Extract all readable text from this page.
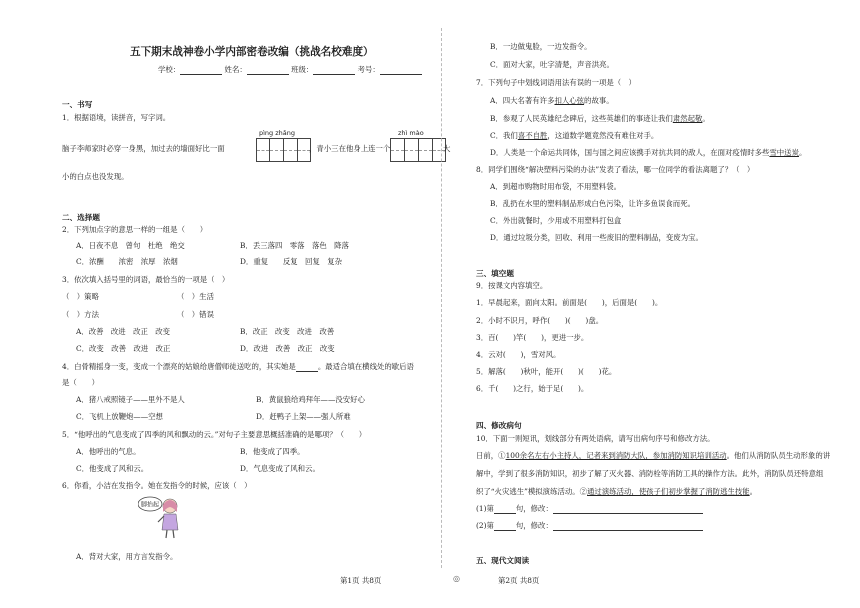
五下期末战神卷小学内部密卷改编（挑战名校难度）
学校：	姓名：	班级：	考号：
一、书写
1．根据语境，读拼音，写字词。
pìng zhǎng	zhì mào
脑子李师家时必穿一身黑，加过去的墙面好比一面	，青小三在他身上连一个	大
小的白点也没发现。
二、选择题
2．下列加点字的意思一样的一组是（　　）
A．日夜不息　曾句　杜绝　绝交	B．丢三落四　零落　落色　降落
C．浓酬　　浓密　浓厚　浓烟	D．重复　　反复　回复　复杂
3．依次填入括号里的词语，最恰当的一项是（　）
（　）策略	（　）生活
（　）方法	（　）错误
A．改善　改进　改正　改变	B．改正　改变　改进　改善
C．改变　改善　改进　改正	D．改进　改善　改正　改变
4．白骨精摇身一变，变成一个漂亮的姑娘给唐僧师徒送吃的，其实她是	。最适合填在横线处的歇后语
是（　　）
A．猪八戒照镜子——里外不是人	B．黄鼠狼给鸡拜年——没安好心
C．飞机上放鞭炮——空想	D．赶鸭子上架——强人所难
5．“他呼出的气息变成了四季的风和飘动的云。”对句子主要意思概括准确的是哪项？（　　）
A．他呼出的气息。	B．他变成了四季。
C．他变成了风和云。	D．气息变成了风和云。
6．你看，小洁在发指令。她在发指令的时候，应该（　）
脚抬起
A．背对大家，用方言发指令。
第1页 共8页	◎
B．一边做鬼脸，一边发指令。
C．面对大家，吐字清楚，声音洪亮。
7．下列句子中划线词语用法有误的一项是（　）
A．四大名著有许多扣人心弦的故事。
B．参观了人民英雄纪念碑后，这些英雄们的事迹让我们肃然起敬。
C．我们喜不自胜，这道数学题竟然没有难住对手。
D．人类是一个命运共同体，国与国之间应该携手对抗共同的敌人，在面对疫情时多些雪中送炭。
8．同学们围绕“解决塑料污染的办法”发表了看法，哪一位同学的看法离题了？（　）
A．到超市购物时用布袋，不用塑料袋。
B．乱扔在水里的塑料制品形成白色污染，让许多鱼误食而死。
C．外出就餐时，少用或不用塑料打包盒
D．通过垃圾分类，回收、利用一些废旧的塑料制品，变废为宝。
三、填空题
9．按课文内容填空。
1．早晨起来，面向太阳。前面是(　　)，后面是(　　)。
2．小时不识月，呼作(　　)(　　)盘。
3．百(　　)竿(　　)，更进一步。
4．云对(　　)，雪对风。
5．解落(　　)秋叶，能开(　　)(　　)花。
6．千(　　)之行，始于足(　　)。
四、修改病句
10．下面一则短讯，划线部分有两处语病，请写出病句序号和修改方法。
日前，①100余名左右小主持人，记者来到消防大队，参加消防知识培训活动。他们从消防队员生动形象的讲
解中，学到了很多消防知识，初步了解了灭火器、消防栓等消防工具的操作方法。此外，消防队员还特意组
织了“火灾逃生”模拟演练活动。②通过演练活动，使孩子们初步掌握了消防逃生技能。
(1)第	句，修改：
(2)第	句，修改：
五、现代文阅读
第2页 共8页
